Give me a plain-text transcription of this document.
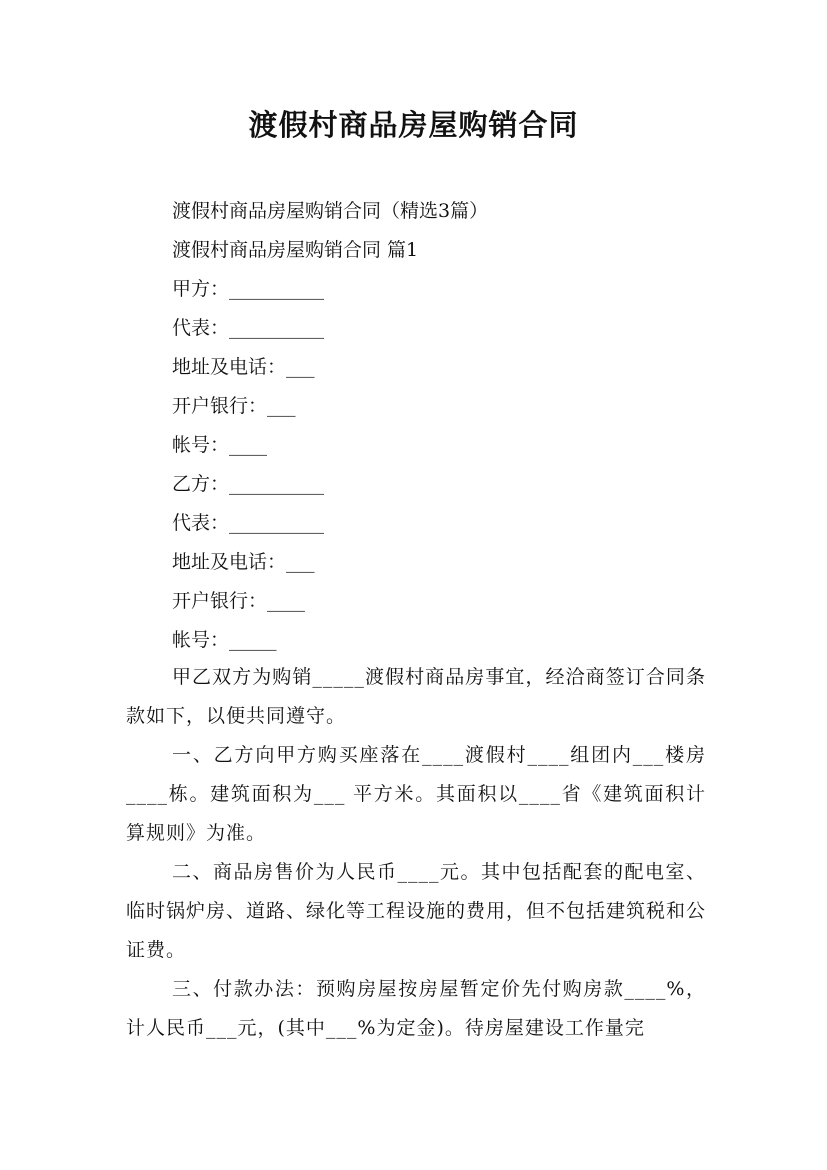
渡假村商品房屋购销合同
渡假村商品房屋购销合同（精选3篇）
渡假村商品房屋购销合同 篇1
甲方：__________
代表：__________
地址及电话：___
开户银行：___
帐号：____
乙方：__________
代表：__________
地址及电话：___
开户银行：____
帐号：_____

甲乙双方为购销_____渡假村商品房事宜，经洽商签订合同条款如下，以便共同遵守。

一、乙方向甲方购买座落在____渡假村____组团内___楼房____栋。建筑面积为___ 平方米。其面积以____省《建筑面积计算规则》为准。

二、商品房售价为人民币____元。其中包括配套的配电室、临时锅炉房、道路、绿化等工程设施的费用，但不包括建筑税和公证费。

三、付款办法：预购房屋按房屋暂定价先付购房款____%，计人民币___元，(其中___%为定金)。待房屋建设工作量完
